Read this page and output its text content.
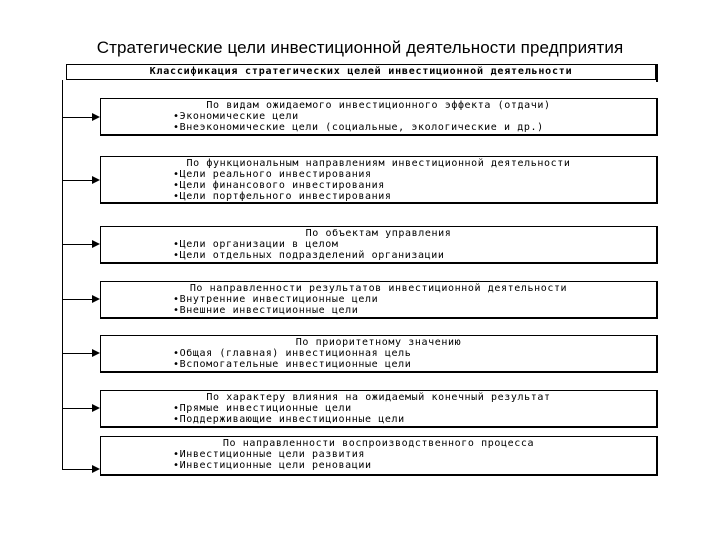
Стратегические цели инвестиционной деятельности предприятия
Классификация стратегических целей инвестиционной деятельности
По видам ожидаемого инвестиционного эффекта (отдачи)
• Экономические цели
• Внеэкономические цели (социальные, экологические и др.)
По функциональным направлениям инвестиционной деятельности
• Цели реального инвестирования
• Цели финансового инвестирования
• Цели портфельного инвестирования
По объектам управления
• Цели организации в целом
• Цели отдельных подразделений организации
По направленности результатов инвестиционной деятельности
• Внутренние инвестиционные цели
• Внешние инвестиционные цели
По приоритетному значению
• Общая (главная) инвестиционная цель
• Вспомогательные инвестиционные цели
По характеру влияния на ожидаемый конечный результат
• Прямые инвестиционные цели
• Поддерживающие инвестиционные цели
По направленности воспроизводственного процесса
• Инвестиционные цели развития
• Инвестиционные цели реновации
